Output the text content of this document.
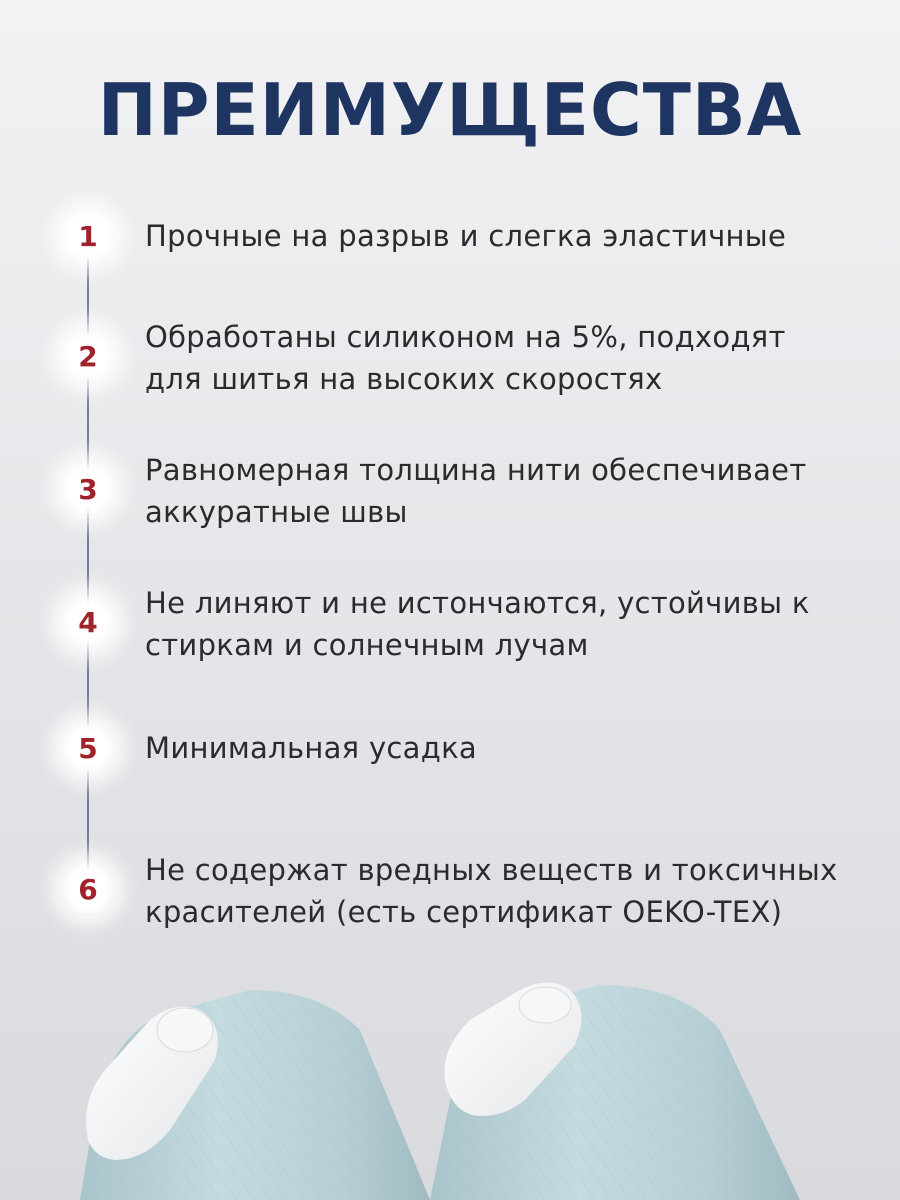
ПРЕИМУЩЕСТВА
1 Прочные на разрыв и слегка эластичные
2
Обработаны силиконом на 5%, подходят для шитья на высоких скоростях
3
Равномерная толщина нити обеспечивает аккуратные швы
4
Не линяют и не истончаются, устойчивы к стиркам и солнечным лучам
5 Минимальная усадка
6
Не содержат вредных веществ и токсичных красителей (есть сертификат OEKO-TEX)
